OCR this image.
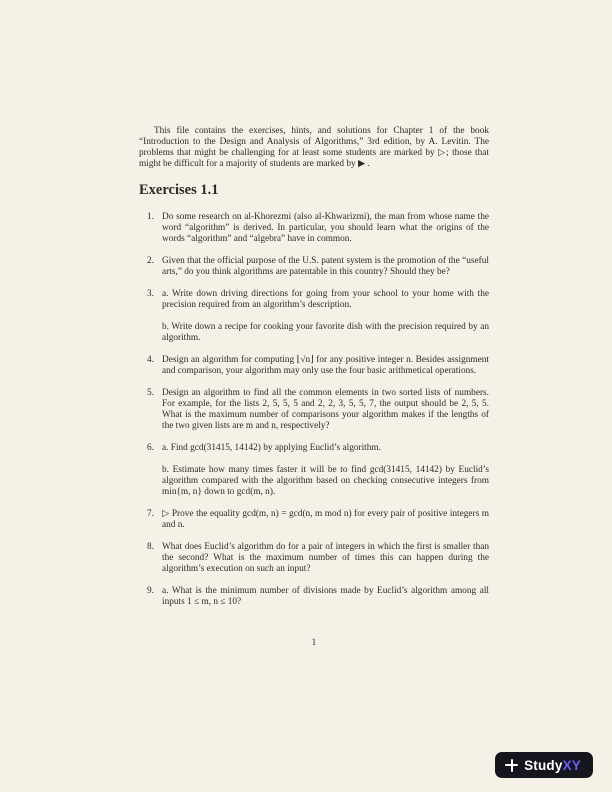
This file contains the exercises, hints, and solutions for Chapter 1 of the book “Introduction to the Design and Analysis of Algorithms,” 3rd edition, by A. Levitin. The problems that might be challenging for at least some students are marked by ▷; those that might be difficult for a majority of students are marked by ▶ .

Exercises 1.1
1. Do some research on al-Khorezmi (also al-Khwarizmi), the man from whose name the word “algorithm” is derived. In particular, you should learn what the origins of the words “algorithm” and “algebra” have in common.

2. Given that the official purpose of the U.S. patent system is the promotion of the “useful arts,” do you think algorithms are patentable in this country? Should they be?

3. a. Write down driving directions for going from your school to your home with the precision required from an algorithm’s description.

b. Write down a recipe for cooking your favorite dish with the precision required by an algorithm.

4. Design an algorithm for computing ⌊√n⌋ for any positive integer n. Besides assignment and comparison, your algorithm may only use the four basic arithmetical operations.

5. Design an algorithm to find all the common elements in two sorted lists of numbers. For example, for the lists 2, 5, 5, 5 and 2, 2, 3, 5, 5, 7, the output should be 2, 5, 5. What is the maximum number of comparisons your algorithm makes if the lengths of the two given lists are m and n, respectively?

6. a. Find gcd(31415, 14142) by applying Euclid’s algorithm.

b. Estimate how many times faster it will be to find gcd(31415, 14142) by Euclid’s algorithm compared with the algorithm based on checking consecutive integers from min{m, n} down to gcd(m, n).

7. ▷ Prove the equality gcd(m, n) = gcd(n, m mod n) for every pair of positive integers m and n.

8. What does Euclid’s algorithm do for a pair of integers in which the first is smaller than the second? What is the maximum number of times this can happen during the algorithm’s execution on such an input?

9. a. What is the minimum number of divisions made by Euclid’s algorithm among all inputs 1 ≤ m, n ≤ 10?

1
StudyXY
